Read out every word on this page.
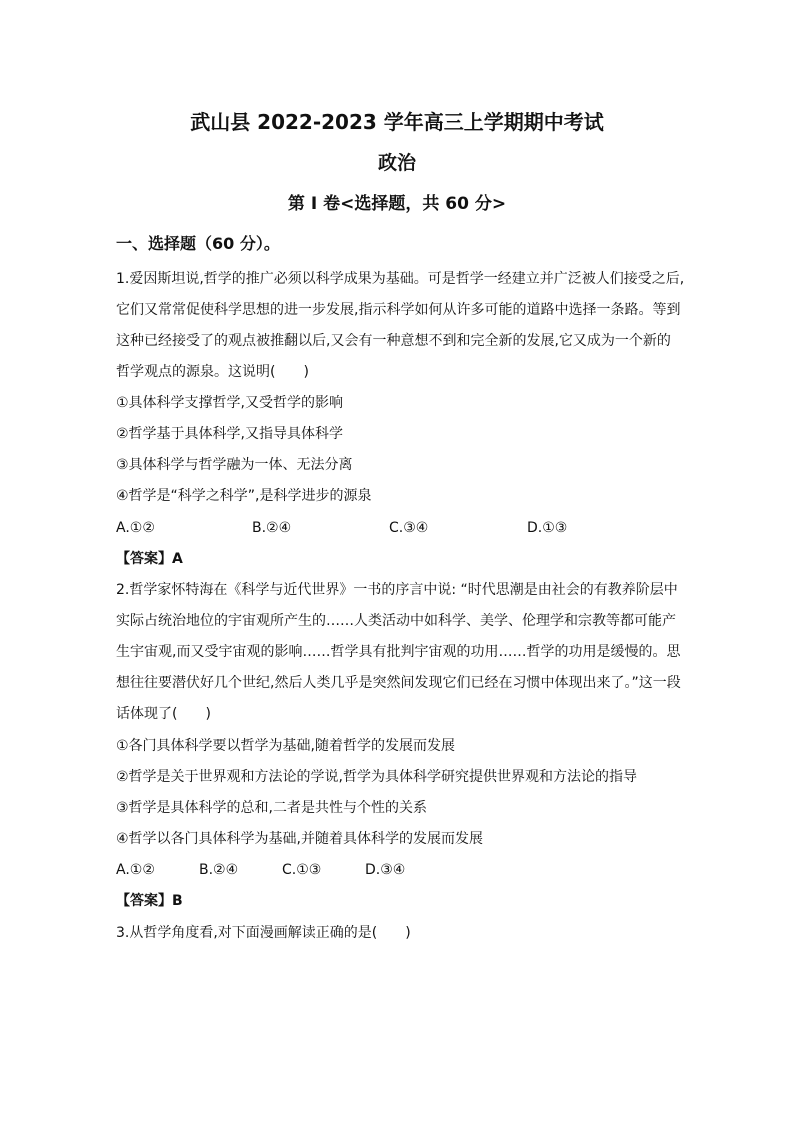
武山县 2022-2023 学年高三上学期期中考试
政治
第 I 卷<选择题，共 60 分>

一、选择题（60 分）。

1.爱因斯坦说,哲学的推广必须以科学成果为基础。可是哲学一经建立并广泛被人们接受之后,

它们又常常促使科学思想的进一步发展,指示科学如何从许多可能的道路中选择一条路。等到

这种已经接受了的观点被推翻以后,又会有一种意想不到和完全新的发展,它又成为一个新的

哲学观点的源泉。这说明(　　)

①具体科学支撑哲学,又受哲学的影响

②哲学基于具体科学,又指导具体科学

③具体科学与哲学融为一体、无法分离

④哲学是“科学之科学”,是科学进步的源泉

A.①②	B.②④	C.③④	D.①③
【答案】A

2.哲学家怀特海在《科学与近代世界》一书的序言中说: “时代思潮是由社会的有教养阶层中

实际占统治地位的宇宙观所产生的……人类活动中如科学、美学、伦理学和宗教等都可能产

生宇宙观,而又受宇宙观的影响……哲学具有批判宇宙观的功用……哲学的功用是缓慢的。思

想往往要潜伏好几个世纪,然后人类几乎是突然间发现它们已经在习惯中体现出来了。”这一段

话体现了(　　)

①各门具体科学要以哲学为基础,随着哲学的发展而发展

②哲学是关于世界观和方法论的学说,哲学为具体科学研究提供世界观和方法论的指导

③哲学是具体科学的总和,二者是共性与个性的关系

④哲学以各门具体科学为基础,并随着具体科学的发展而发展

A.①②	B.②④	C.①③	D.③④
【答案】B

3.从哲学角度看,对下面漫画解读正确的是(　　)
